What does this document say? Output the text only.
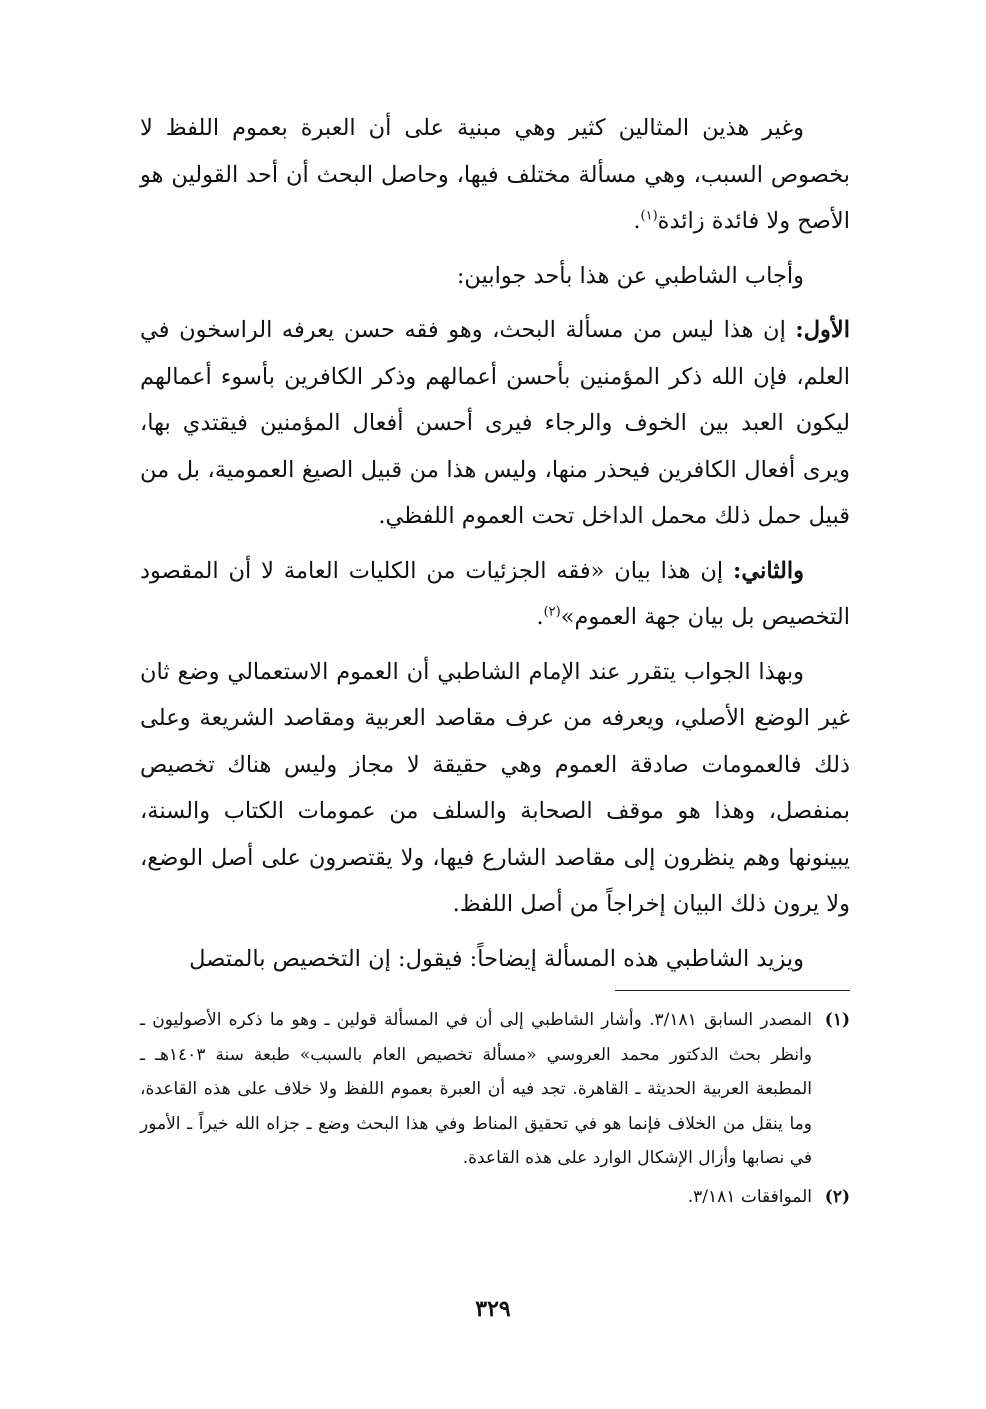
وغير هذين المثالين كثير وهي مبنية على أن العبرة بعموم اللفظ لا بخصوص السبب، وهي مسألة مختلف فيها، وحاصل البحث أن أحد القولين هو الأصح ولا فائدة زائدة$^{(١)}$.

وأجاب الشاطبي عن هذا بأحد جوابين:

الأول: إن هذا ليس من مسألة البحث، وهو فقه حسن يعرفه الراسخون في العلم، فإن الله ذكر المؤمنين بأحسن أعمالهم وذكر الكافرين بأسوء أعمالهم ليكون العبد بين الخوف والرجاء فيرى أحسن أفعال المؤمنين فيقتدي بها، ويرى أفعال الكافرين فيحذر منها، وليس هذا من قبيل الصيغ العمومية، بل من قبيل حمل ذلك محمل الداخل تحت العموم اللفظي.

والثاني: إن هذا بيان «فقه الجزئيات من الكليات العامة لا أن المقصود التخصيص بل بيان جهة العموم»$^{(٢)}$.

وبهذا الجواب يتقرر عند الإمام الشاطبي أن العموم الاستعمالي وضع ثان غير الوضع الأصلي، ويعرفه من عرف مقاصد العربية ومقاصد الشريعة وعلى ذلك فالعمومات صادقة العموم وهي حقيقة لا مجاز وليس هناك تخصيص بمنفصل، وهذا هو موقف الصحابة والسلف من عمومات الكتاب والسنة، يبينونها وهم ينظرون إلى مقاصد الشارع فيها، ولا يقتصرون على أصل الوضع، ولا يرون ذلك البيان إخراجاً من أصل اللفظ.

ويزيد الشاطبي هذه المسألة إيضاحاً: فيقول: إن التخصيص بالمتصل

(١)
المصدر السابق ٣/١٨١. وأشار الشاطبي إلى أن في المسألة قولين ـ وهو ما ذكره الأصوليون ـ وانظر بحث الدكتور محمد العروسي «مسألة تخصيص العام بالسبب» طبعة سنة ١٤٠٣هـ ـ المطبعة العربية الحديثة ـ القاهرة. تجد فيه أن العبرة بعموم اللفظ ولا خلاف على هذه القاعدة، وما ينقل من الخلاف فإنما هو في تحقيق المناط وفي هذا البحث وضع ـ جزاه الله خيراً ـ الأمور في نصابها وأزال الإشكال الوارد على هذه القاعدة.

(٢)
الموافقات ٣/١٨١.

٣٢٩
